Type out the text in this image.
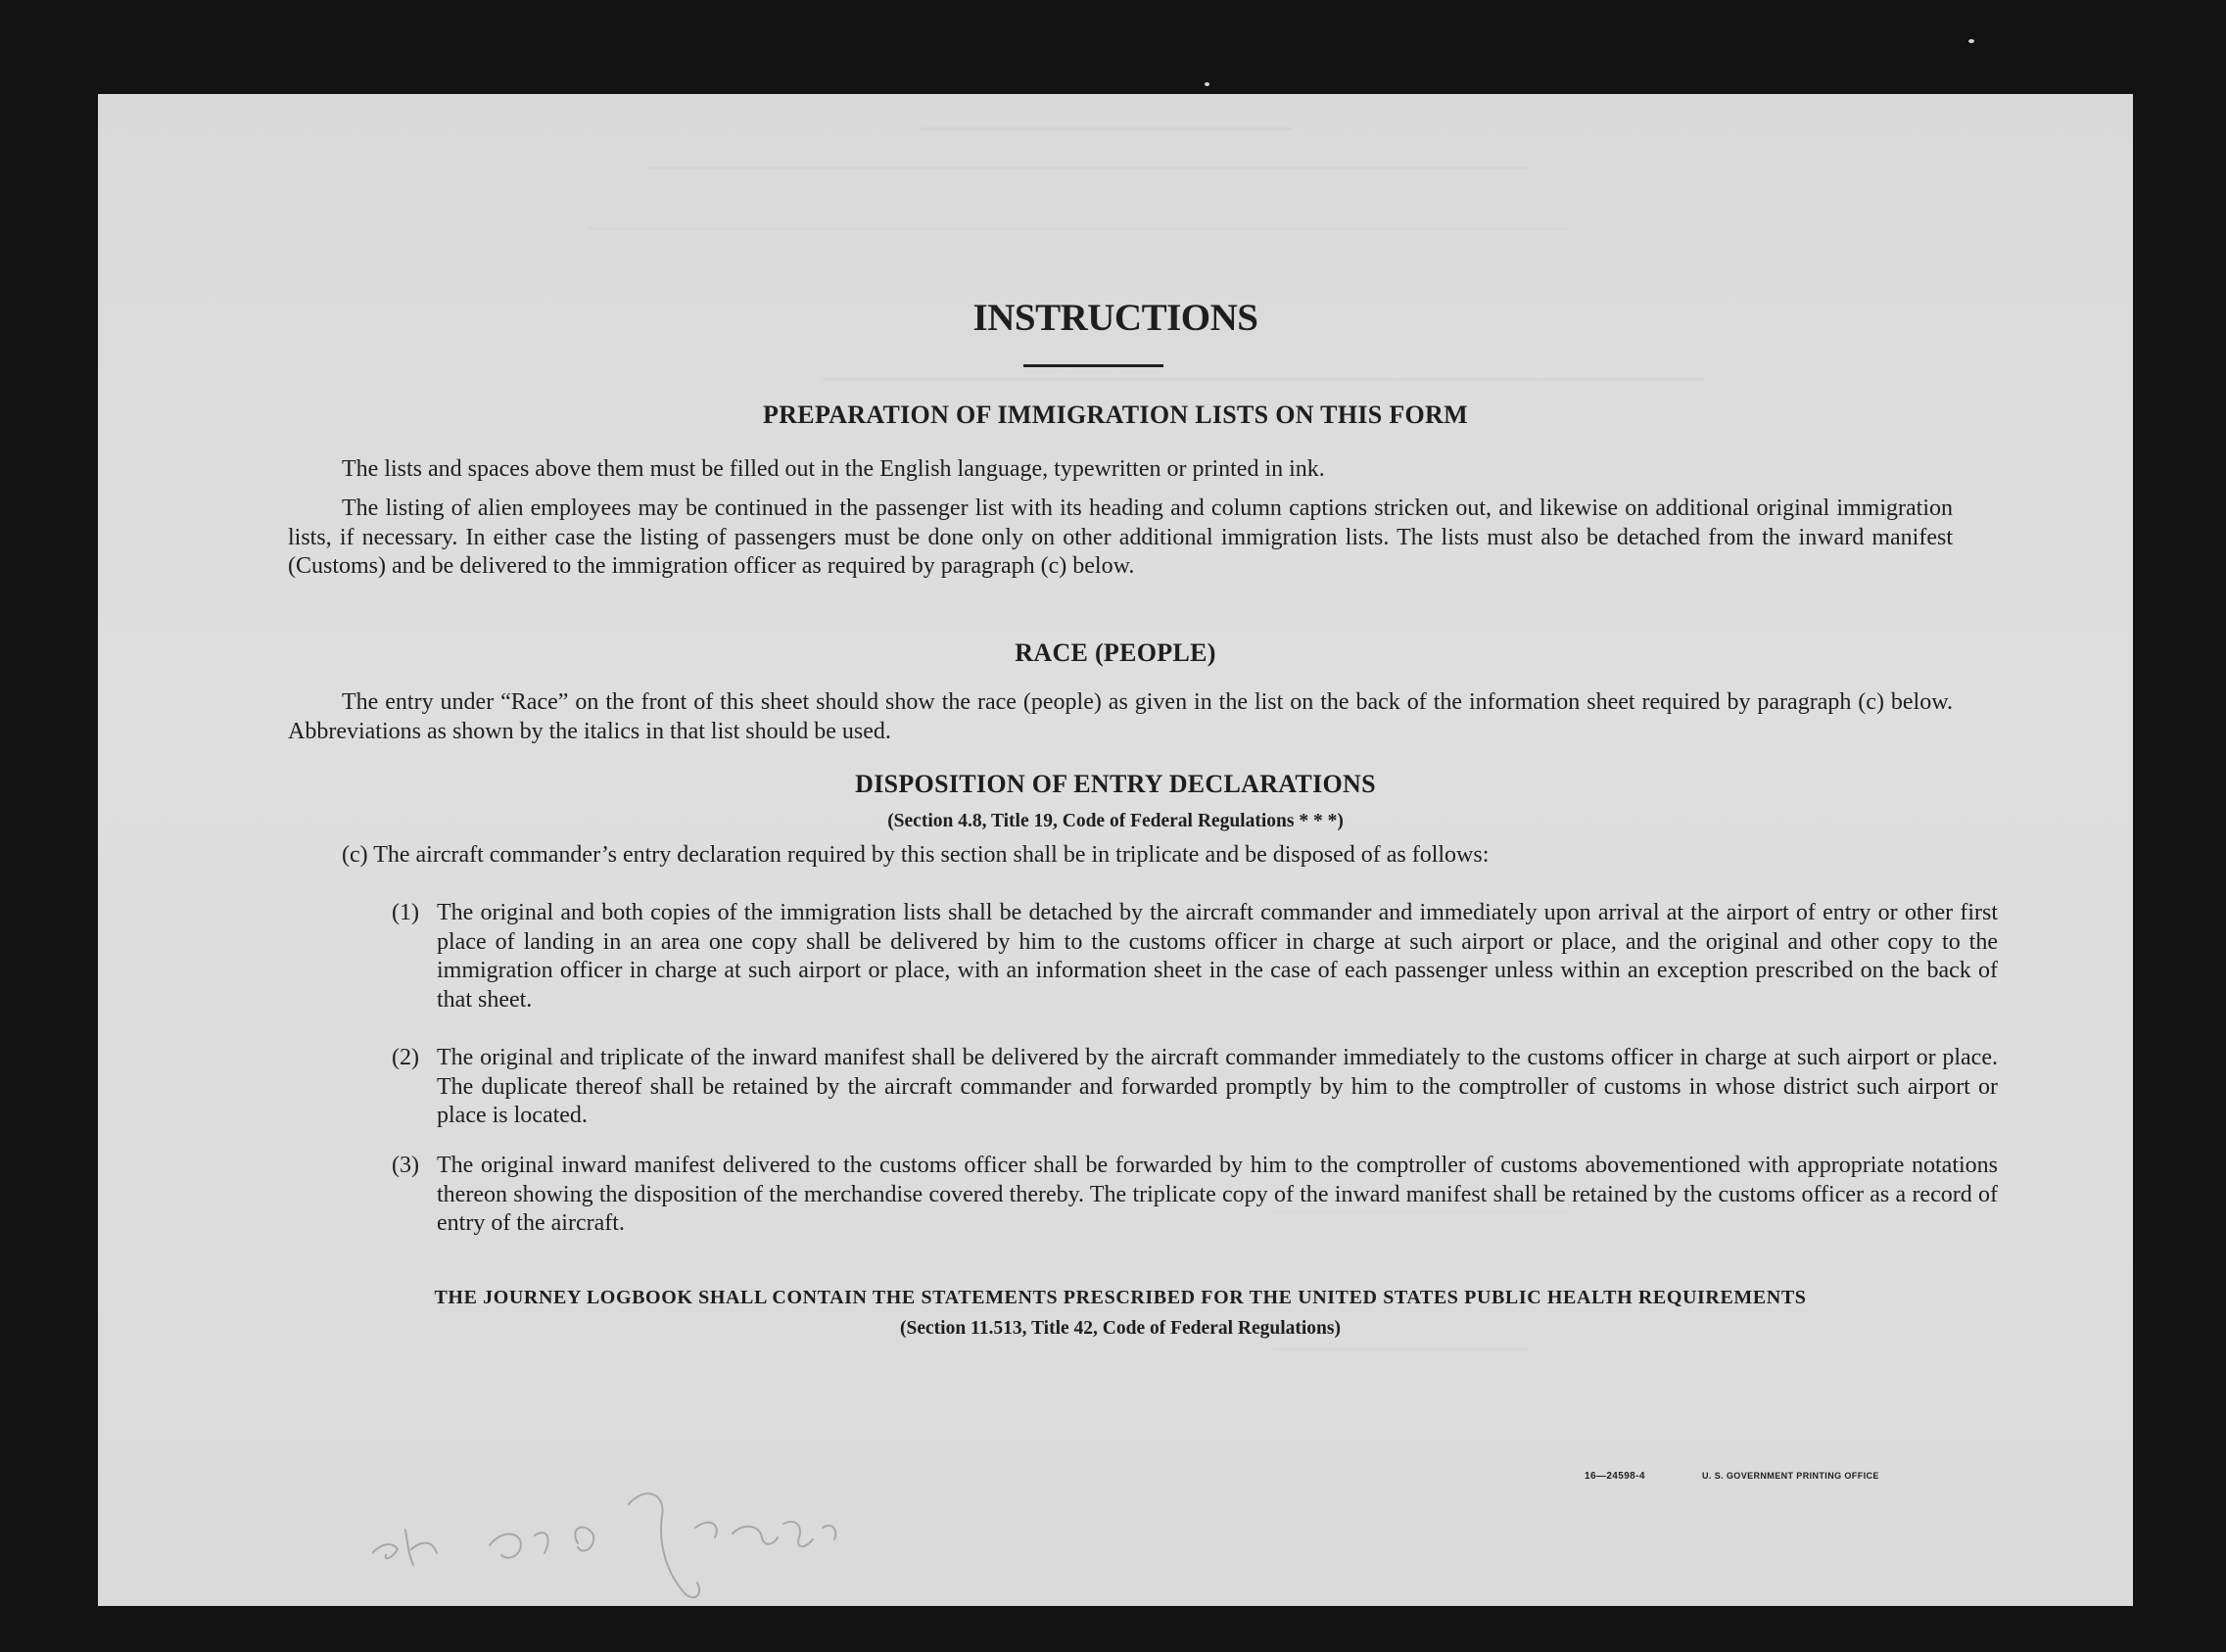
INSTRUCTIONS
PREPARATION OF IMMIGRATION LISTS ON THIS FORM

The lists and spaces above them must be filled out in the English language, typewritten or printed in ink.

The listing of alien employees may be continued in the passenger list with its heading and column captions stricken out, and likewise on additional original immigration lists, if necessary. In either case the listing of passengers must be done only on other additional immigration lists. The lists must also be detached from the inward manifest (Customs) and be delivered to the immigration officer as required by paragraph (c) below.

RACE (PEOPLE)

The entry under “Race” on the front of this sheet should show the race (people) as given in the list on the back of the information sheet required by paragraph (c) below. Abbreviations as shown by the italics in that list should be used.

DISPOSITION OF ENTRY DECLARATIONS

(Section 4.8, Title 19, Code of Federal Regulations * * *)

(c) The aircraft commander’s entry declaration required by this section shall be in triplicate and be disposed of as follows:

(1) The original and both copies of the immigration lists shall be detached by the aircraft commander and immediately upon arrival at the airport of entry or other first place of landing in an area one copy shall be delivered by him to the customs officer in charge at such airport or place, and the original and other copy to the immigration officer in charge at such airport or place, with an information sheet in the case of each passenger unless within an exception prescribed on the back of that sheet.

(2) The original and triplicate of the inward manifest shall be delivered by the aircraft commander immediately to the customs officer in charge at such airport or place. The duplicate thereof shall be retained by the aircraft commander and forwarded promptly by him to the comptroller of customs in whose district such airport or place is located.

(3) The original inward manifest delivered to the customs officer shall be forwarded by him to the comptroller of customs abovementioned with appropriate notations thereon showing the disposition of the merchandise covered thereby. The triplicate copy of the inward manifest shall be retained by the customs officer as a record of entry of the aircraft.

THE JOURNEY LOGBOOK SHALL CONTAIN THE STATEMENTS PRESCRIBED FOR THE UNITED STATES PUBLIC HEALTH REQUIREMENTS

(Section 11.513, Title 42, Code of Federal Regulations)

16—24598-4	U. S. GOVERNMENT PRINTING OFFICE
